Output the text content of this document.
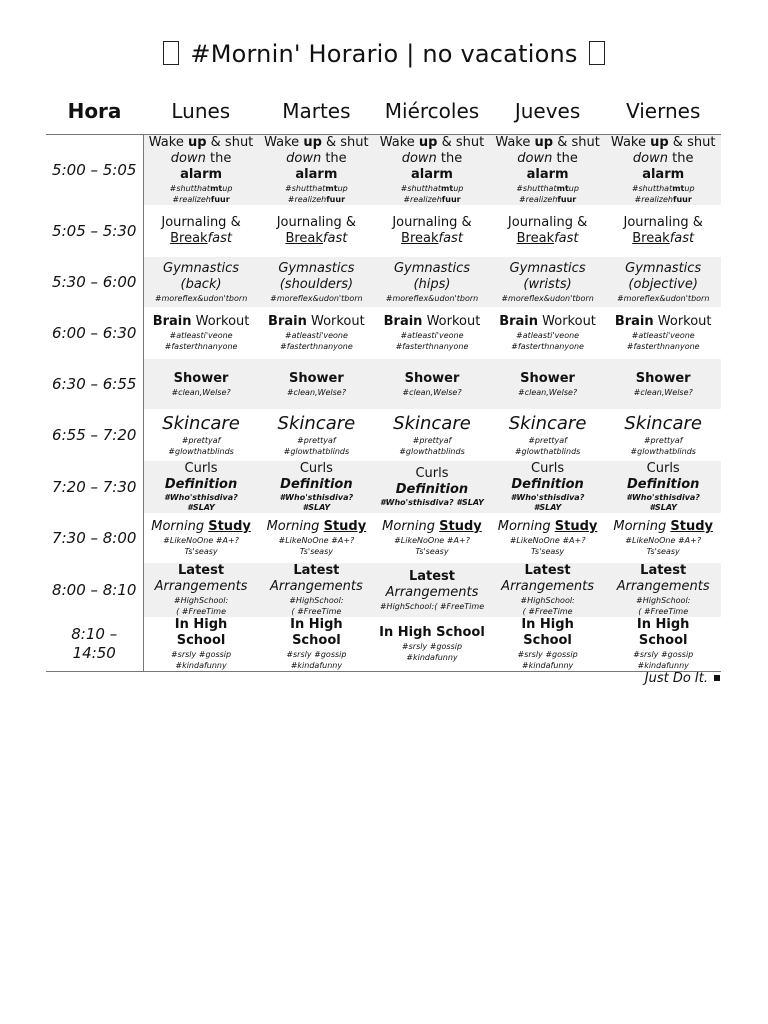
#Mornin' Horario | no vacations
Hora	Lunes	Martes	Miércoles	Jueves	Viernes
5:00 – 5:05	Wake up & shut down the
alarm
#shutthatmtup
#realizehfuur	Wake up & shut down the
alarm
#shutthatmtup
#realizehfuur	Wake up & shut down the
alarm
#shutthatmtup
#realizehfuur	Wake up & shut down the
alarm
#shutthatmtup
#realizehfuur	Wake up & shut down the
alarm
#shutthatmtup
#realizehfuur

5:05 – 5:30	Journaling &
Breakfast	Journaling &
Breakfast	Journaling &
Breakfast	Journaling &
Breakfast	Journaling &
Breakfast
5:30 – 6:00	Gymnastics
(back)
#moreflex&udon'tborn	Gymnastics
(shoulders)
#moreflex&udon'tborn	Gymnastics
(hips)
#moreflex&udon'tborn	Gymnastics
(wrists)
#moreflex&udon'tborn	Gymnastics
(objective)
#moreflex&udon'tborn

6:00 – 6:30	Brain Workout
#atleasti'veone
#fasterthnanyone	Brain Workout
#atleasti'veone
#fasterthnanyone	Brain Workout
#atleasti'veone
#fasterthnanyone	Brain Workout
#atleasti'veone
#fasterthnanyone	Brain Workout
#atleasti'veone
#fasterthnanyone

6:30 – 6:55	Shower
#clean,Welse?	Shower
#clean,Welse?	Shower
#clean,Welse?	Shower
#clean,Welse?	Shower
#clean,Welse?

6:55 – 7:20	Skincare
#prettyaf
#glowthatblinds	Skincare
#prettyaf
#glowthatblinds	Skincare
#prettyaf
#glowthatblinds	Skincare
#prettyaf
#glowthatblinds	Skincare
#prettyaf
#glowthatblinds

7:20 – 7:30	Curls
Definition
#Who'sthisdiva?
#SLAY	Curls
Definition
#Who'sthisdiva?
#SLAY	Curls
Definition
#Who'sthisdiva? #SLAY	Curls
Definition
#Who'sthisdiva?
#SLAY	Curls
Definition
#Who'sthisdiva?
#SLAY

7:30 – 8:00	Morning Study
#LikeNoOne #A+?
Ts'seasy	Morning Study
#LikeNoOne #A+?
Ts'seasy	Morning Study
#LikeNoOne #A+?
Ts'seasy	Morning Study
#LikeNoOne #A+?
Ts'seasy	Morning Study
#LikeNoOne #A+?
Ts'seasy

8:00 – 8:10	Latest
Arrangements
#HighSchool:
( #FreeTime	Latest
Arrangements
#HighSchool:
( #FreeTime	Latest
Arrangements
#HighSchool:( #FreeTime	Latest
Arrangements
#HighSchool:
( #FreeTime	Latest
Arrangements
#HighSchool:
( #FreeTime

8:10 – 14:50	In High
School
#srsly #gossip
#kindafunny	In High
School
#srsly #gossip
#kindafunny	In High School
#srsly #gossip
#kindafunny	In High
School
#srsly #gossip
#kindafunny	In High
School
#srsly #gossip
#kindafunny
Just Do It.
